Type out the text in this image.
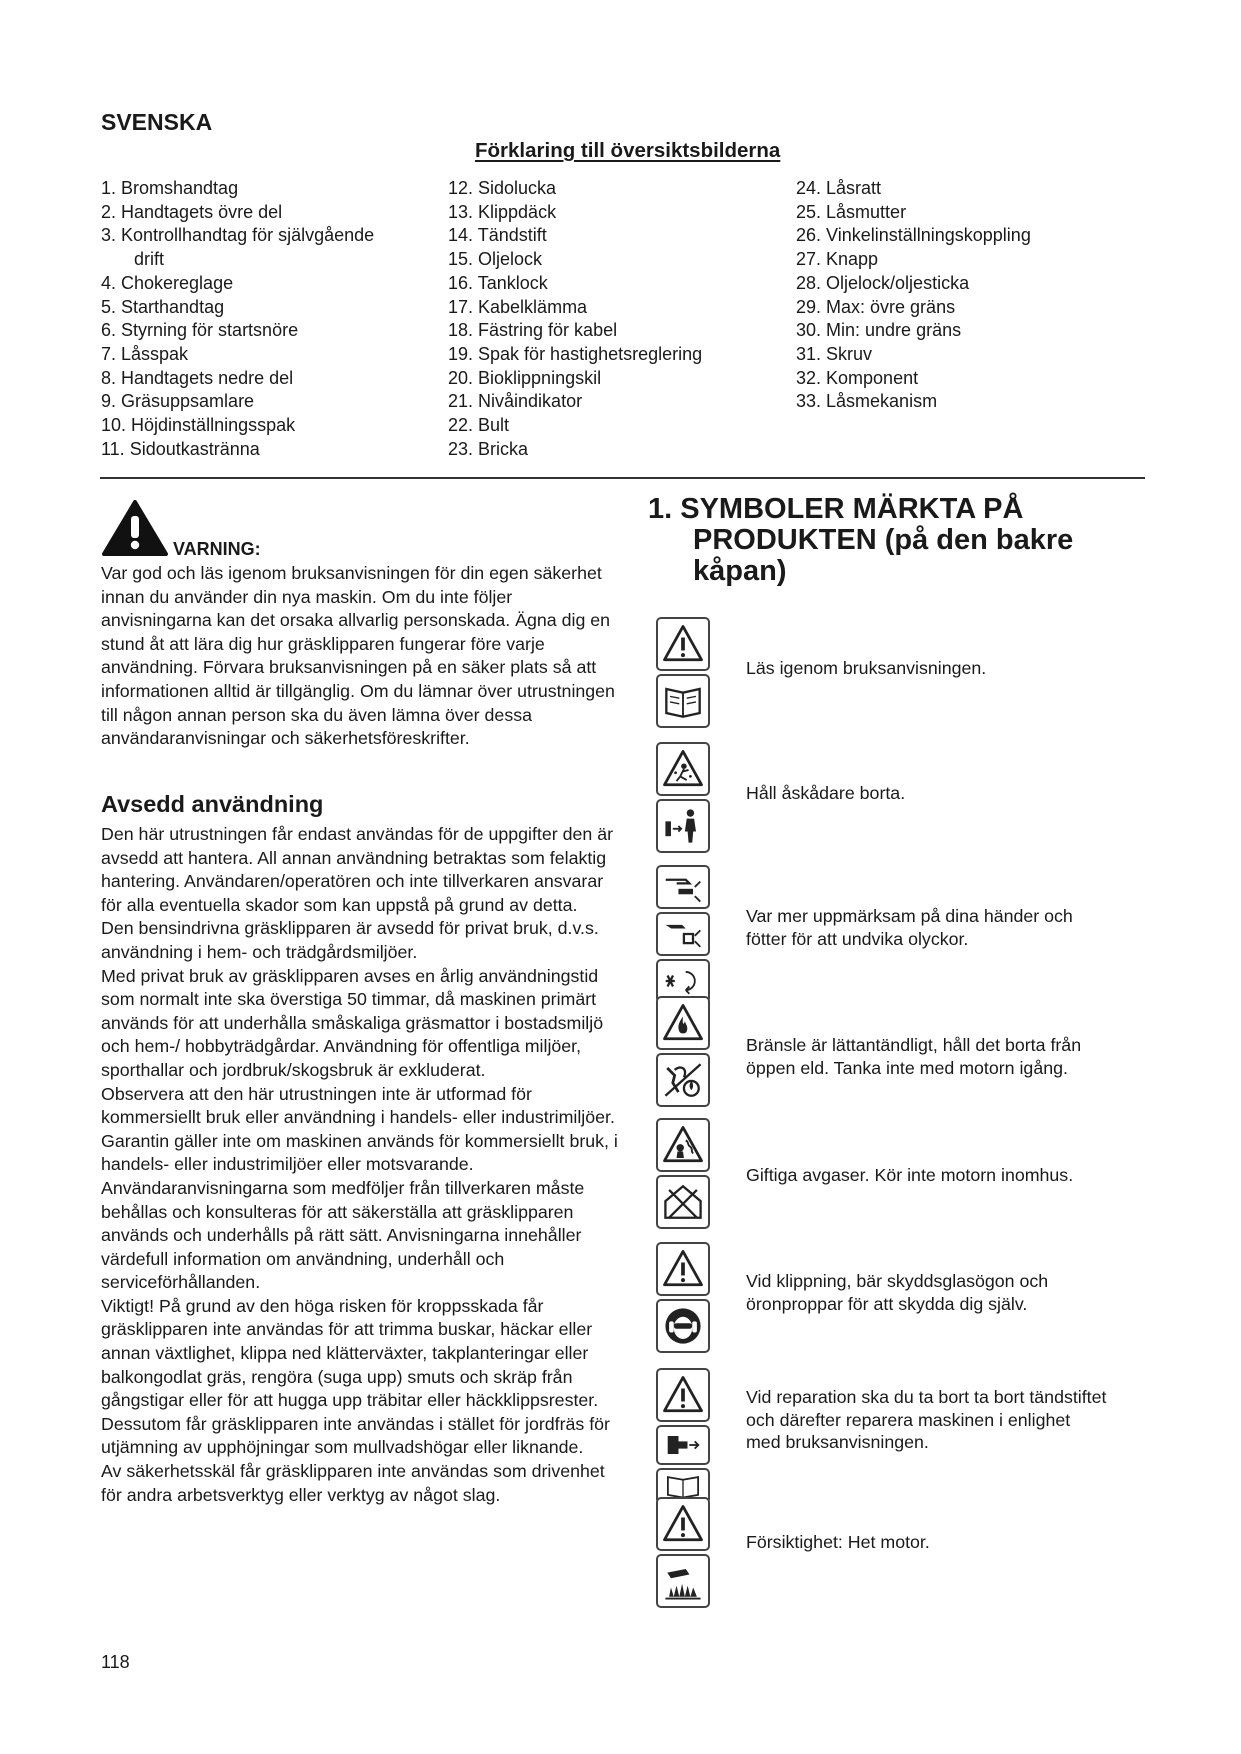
SVENSKA
Förklaring till översiktsbilderna
1. Bromshandtag
2. Handtagets övre del
3. Kontrollhandtag för självgående
drift
4. Chokereglage
5. Starthandtag
6. Styrning för startsnöre
7. Låsspak
8. Handtagets nedre del
9. Gräsuppsamlare
10. Höjdinställningsspak
11. Sidoutkastränna
12. Sidolucka
13. Klippdäck
14. Tändstift
15. Oljelock
16. Tanklock
17. Kabelklämma
18. Fästring för kabel
19. Spak för hastighetsreglering
20. Bioklippningskil
21. Nivåindikator
22. Bult
23. Bricka
24. Låsratt
25. Låsmutter
26. Vinkelinställningskoppling
27. Knapp
28. Oljelock/oljesticka
29. Max: övre gräns
30. Min: undre gräns
31. Skruv
32. Komponent
33. Låsmekanism
VARNING:

Var god och läs igenom bruksanvisningen för din egen säkerhet innan du använder din nya maskin. Om du inte följer anvisningarna kan det orsaka allvarlig personskada. Ägna dig en stund åt att lära dig hur gräsklipparen fungerar före varje användning. Förvara bruksanvisningen på en säker plats så att informationen alltid är tillgänglig. Om du lämnar över utrustningen till någon annan person ska du även lämna över dessa användaranvisningar och säkerhetsföreskrifter.

Avsedd användning

Den här utrustningen får endast användas för de uppgifter den är avsedd att hantera. All annan användning betraktas som felaktig hantering. Användaren/operatören och inte tillverkaren ansvarar för alla eventuella skador som kan uppstå på grund av detta.

Den bensindrivna gräsklipparen är avsedd för privat bruk, d.v.s. användning i hem- och trädgårdsmiljöer.

Med privat bruk av gräsklipparen avses en årlig användningstid som normalt inte ska överstiga 50 timmar, då maskinen primärt används för att underhålla småskaliga gräsmattor i bostadsmiljö och hem-/ hobbyträdgårdar. Användning för offentliga miljöer, sporthallar och jordbruk/skogsbruk är exkluderat.

Observera att den här utrustningen inte är utformad för kommersiellt bruk eller användning i handels- eller industrimiljöer. Garantin gäller inte om maskinen används för kommersiellt bruk, i handels- eller industrimiljöer eller motsvarande.

Användaranvisningarna som medföljer från tillverkaren måste behållas och konsulteras för att säkerställa att gräsklipparen används och underhålls på rätt sätt. Anvisningarna innehåller värdefull information om användning, underhåll och serviceförhållanden.

Viktigt! På grund av den höga risken för kroppsskada får gräsklipparen inte användas för att trimma buskar, häckar eller annan växtlighet, klippa ned klätterväxter, takplanteringar eller balkongodlat gräs, rengöra (suga upp) smuts och skräp från gångstigar eller för att hugga upp träbitar eller häckklippsrester. Dessutom får gräsklipparen inte användas i stället för jordfräs för utjämning av upphöjningar som mullvadshögar eller liknande.

Av säkerhetsskäl får gräsklipparen inte användas som drivenhet för andra arbetsverktyg eller verktyg av något slag.

118
1. SYMBOLER MÄRKTA PÅ
PRODUKTEN (på den bakre
kåpan)
Läs igenom bruksanvisningen.
Håll åskådare borta.
Var mer uppmärksam på dina händer och
fötter för att undvika olyckor.
Bränsle är lättantändligt, håll det borta från
öppen eld. Tanka inte med motorn igång.
Giftiga avgaser. Kör inte motorn inomhus.
Vid klippning, bär skyddsglasögon och
öronproppar för att skydda dig själv.
Vid reparation ska du ta bort ta bort tändstiftet
och därefter reparera maskinen i enlighet
med bruksanvisningen.
Försiktighet: Het motor.
